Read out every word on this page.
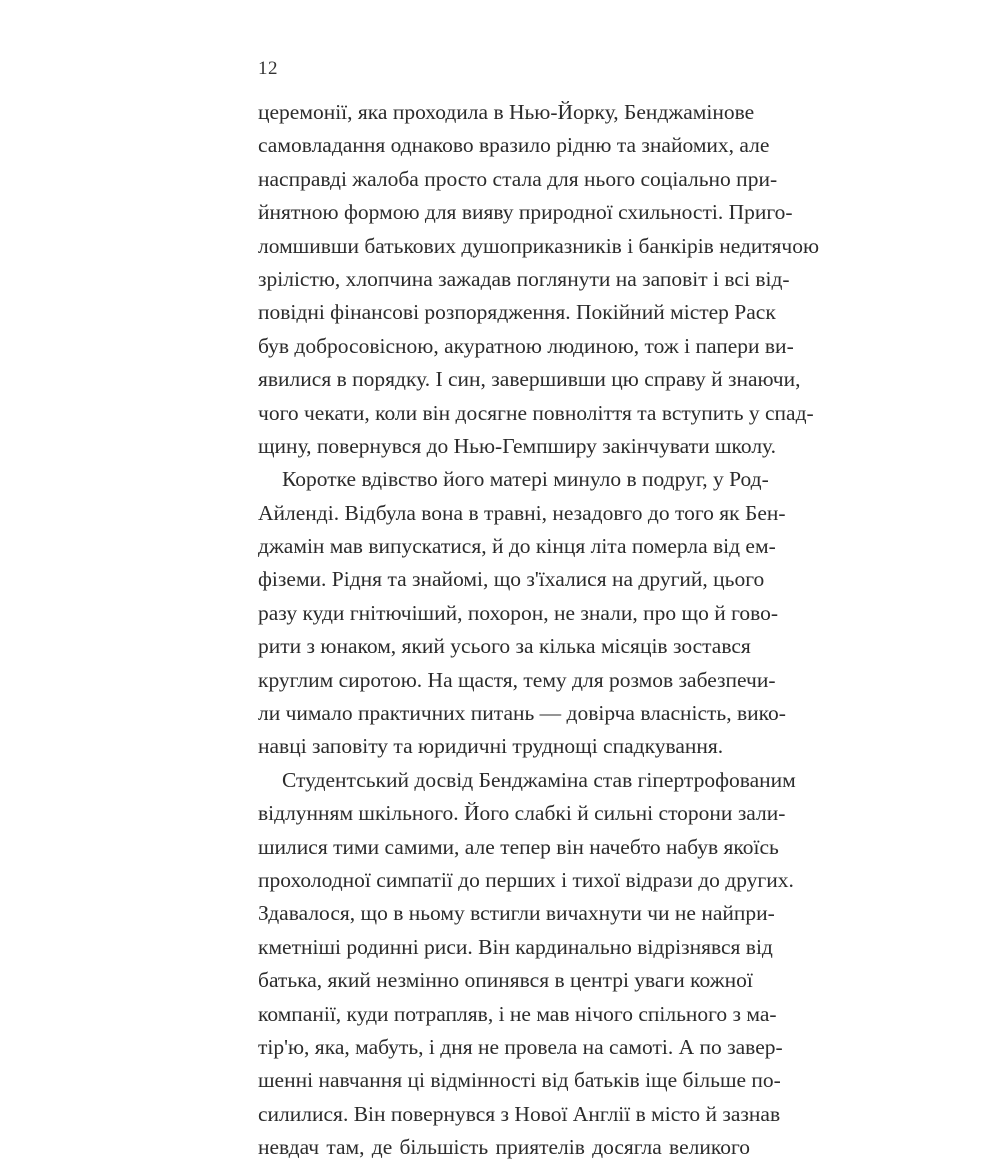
12
церемонії, яка проходила в Нью-Йорку, Бенджамінове
самовладання однаково вразило рідню та знайомих, але
насправді жалоба просто стала для нього соціально при-
йнятною формою для вияву природної схильності. Приго-
ломшивши батькових душоприказників і банкірів недитячою
зрілістю, хлопчина зажадав поглянути на заповіт і всі від-
повідні фінансові розпорядження. Покійний містер Раск
був добросовісною, акуратною людиною, тож і папери ви-
явилися в порядку. І син, завершивши цю справу й знаючи,
чого чекати, коли він досягне повноліття та вступить у спад-
щину, повернувся до Нью-Гемпширу закінчувати школу.
Коротке вдівство його матері минуло в подруг, у Род-
Айленді. Відбула вона в травні, незадовго до того як Бен-
джамін мав випускатися, й до кінця літа померла від ем-
фіземи. Рідня та знайомі, що з'їхалися на другий, цього
разу куди гнітючіший, похорон, не знали, про що й гово-
рити з юнаком, який усього за кілька місяців зостався
круглим сиротою. На щастя, тему для розмов забезпечи-
ли чимало практичних питань — довірча власність, вико-
навці заповіту та юридичні труднощі спадкування.
Студентський досвід Бенджаміна став гіпертрофованим
відлунням шкільного. Його слабкі й сильні сторони зали-
шилися тими самими, але тепер він начебто набув якоїсь
прохолодної симпатії до перших і тихої відрази до других.
Здавалося, що в ньому встигли вичахнути чи не найпри-
кметніші родинні риси. Він кардинально відрізнявся від
батька, який незмінно опинявся в центрі уваги кожної
компанії, куди потрапляв, і не мав нічого спільного з ма-
тір'ю, яка, мабуть, і дня не провела на самоті. А по завер-
шенні навчання ці відмінності від батьків іще більше по-
силилися. Він повернувся з Нової Англії в місто й зазнав
невдач там, де більшість приятелів досягла великого
